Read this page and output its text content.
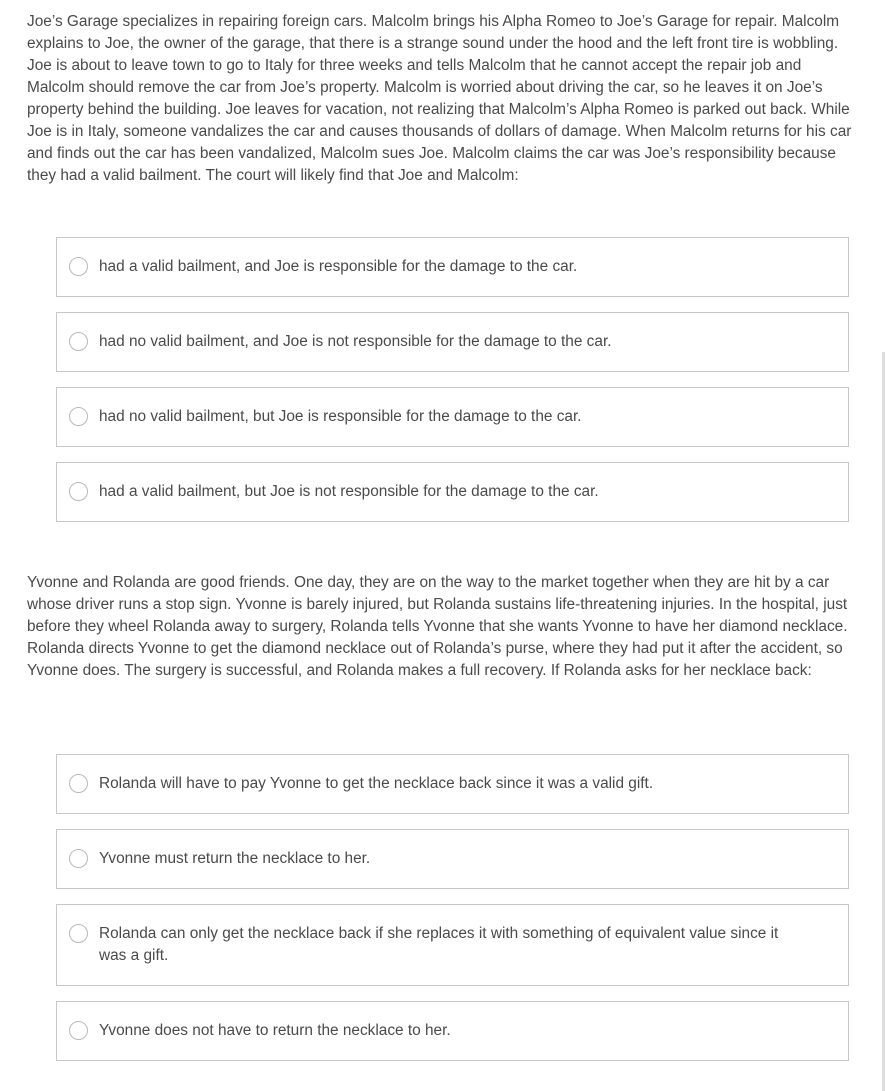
Joe’s Garage specializes in repairing foreign cars. Malcolm brings his Alpha Romeo to Joe’s Garage for repair. Malcolm explains to Joe, the owner of the garage, that there is a strange sound under the hood and the left front tire is wobbling. Joe is about to leave town to go to Italy for three weeks and tells Malcolm that he cannot accept the repair job and Malcolm should remove the car from Joe’s property. Malcolm is worried about driving the car, so he leaves it on Joe’s property behind the building. Joe leaves for vacation, not realizing that Malcolm’s Alpha Romeo is parked out back. While Joe is in Italy, someone vandalizes the car and causes thousands of dollars of damage. When Malcolm returns for his car and finds out the car has been vandalized, Malcolm sues Joe. Malcolm claims the car was Joe’s responsibility because they had a valid bailment. The court will likely find that Joe and Malcolm:

had a valid bailment, and Joe is responsible for the damage to the car.
had no valid bailment, and Joe is not responsible for the damage to the car.
had no valid bailment, but Joe is responsible for the damage to the car.
had a valid bailment, but Joe is not responsible for the damage to the car.

Yvonne and Rolanda are good friends. One day, they are on the way to the market together when they are hit by a car whose driver runs a stop sign. Yvonne is barely injured, but Rolanda sustains life-threatening injuries. In the hospital, just before they wheel Rolanda away to surgery, Rolanda tells Yvonne that she wants Yvonne to have her diamond necklace. Rolanda directs Yvonne to get the diamond necklace out of Rolanda’s purse, where they had put it after the accident, so Yvonne does. The surgery is successful, and Rolanda makes a full recovery. If Rolanda asks for her necklace back:

Rolanda will have to pay Yvonne to get the necklace back since it was a valid gift.
Yvonne must return the necklace to her.
Rolanda can only get the necklace back if she replaces it with something of equivalent value since it was a gift.
Yvonne does not have to return the necklace to her.
